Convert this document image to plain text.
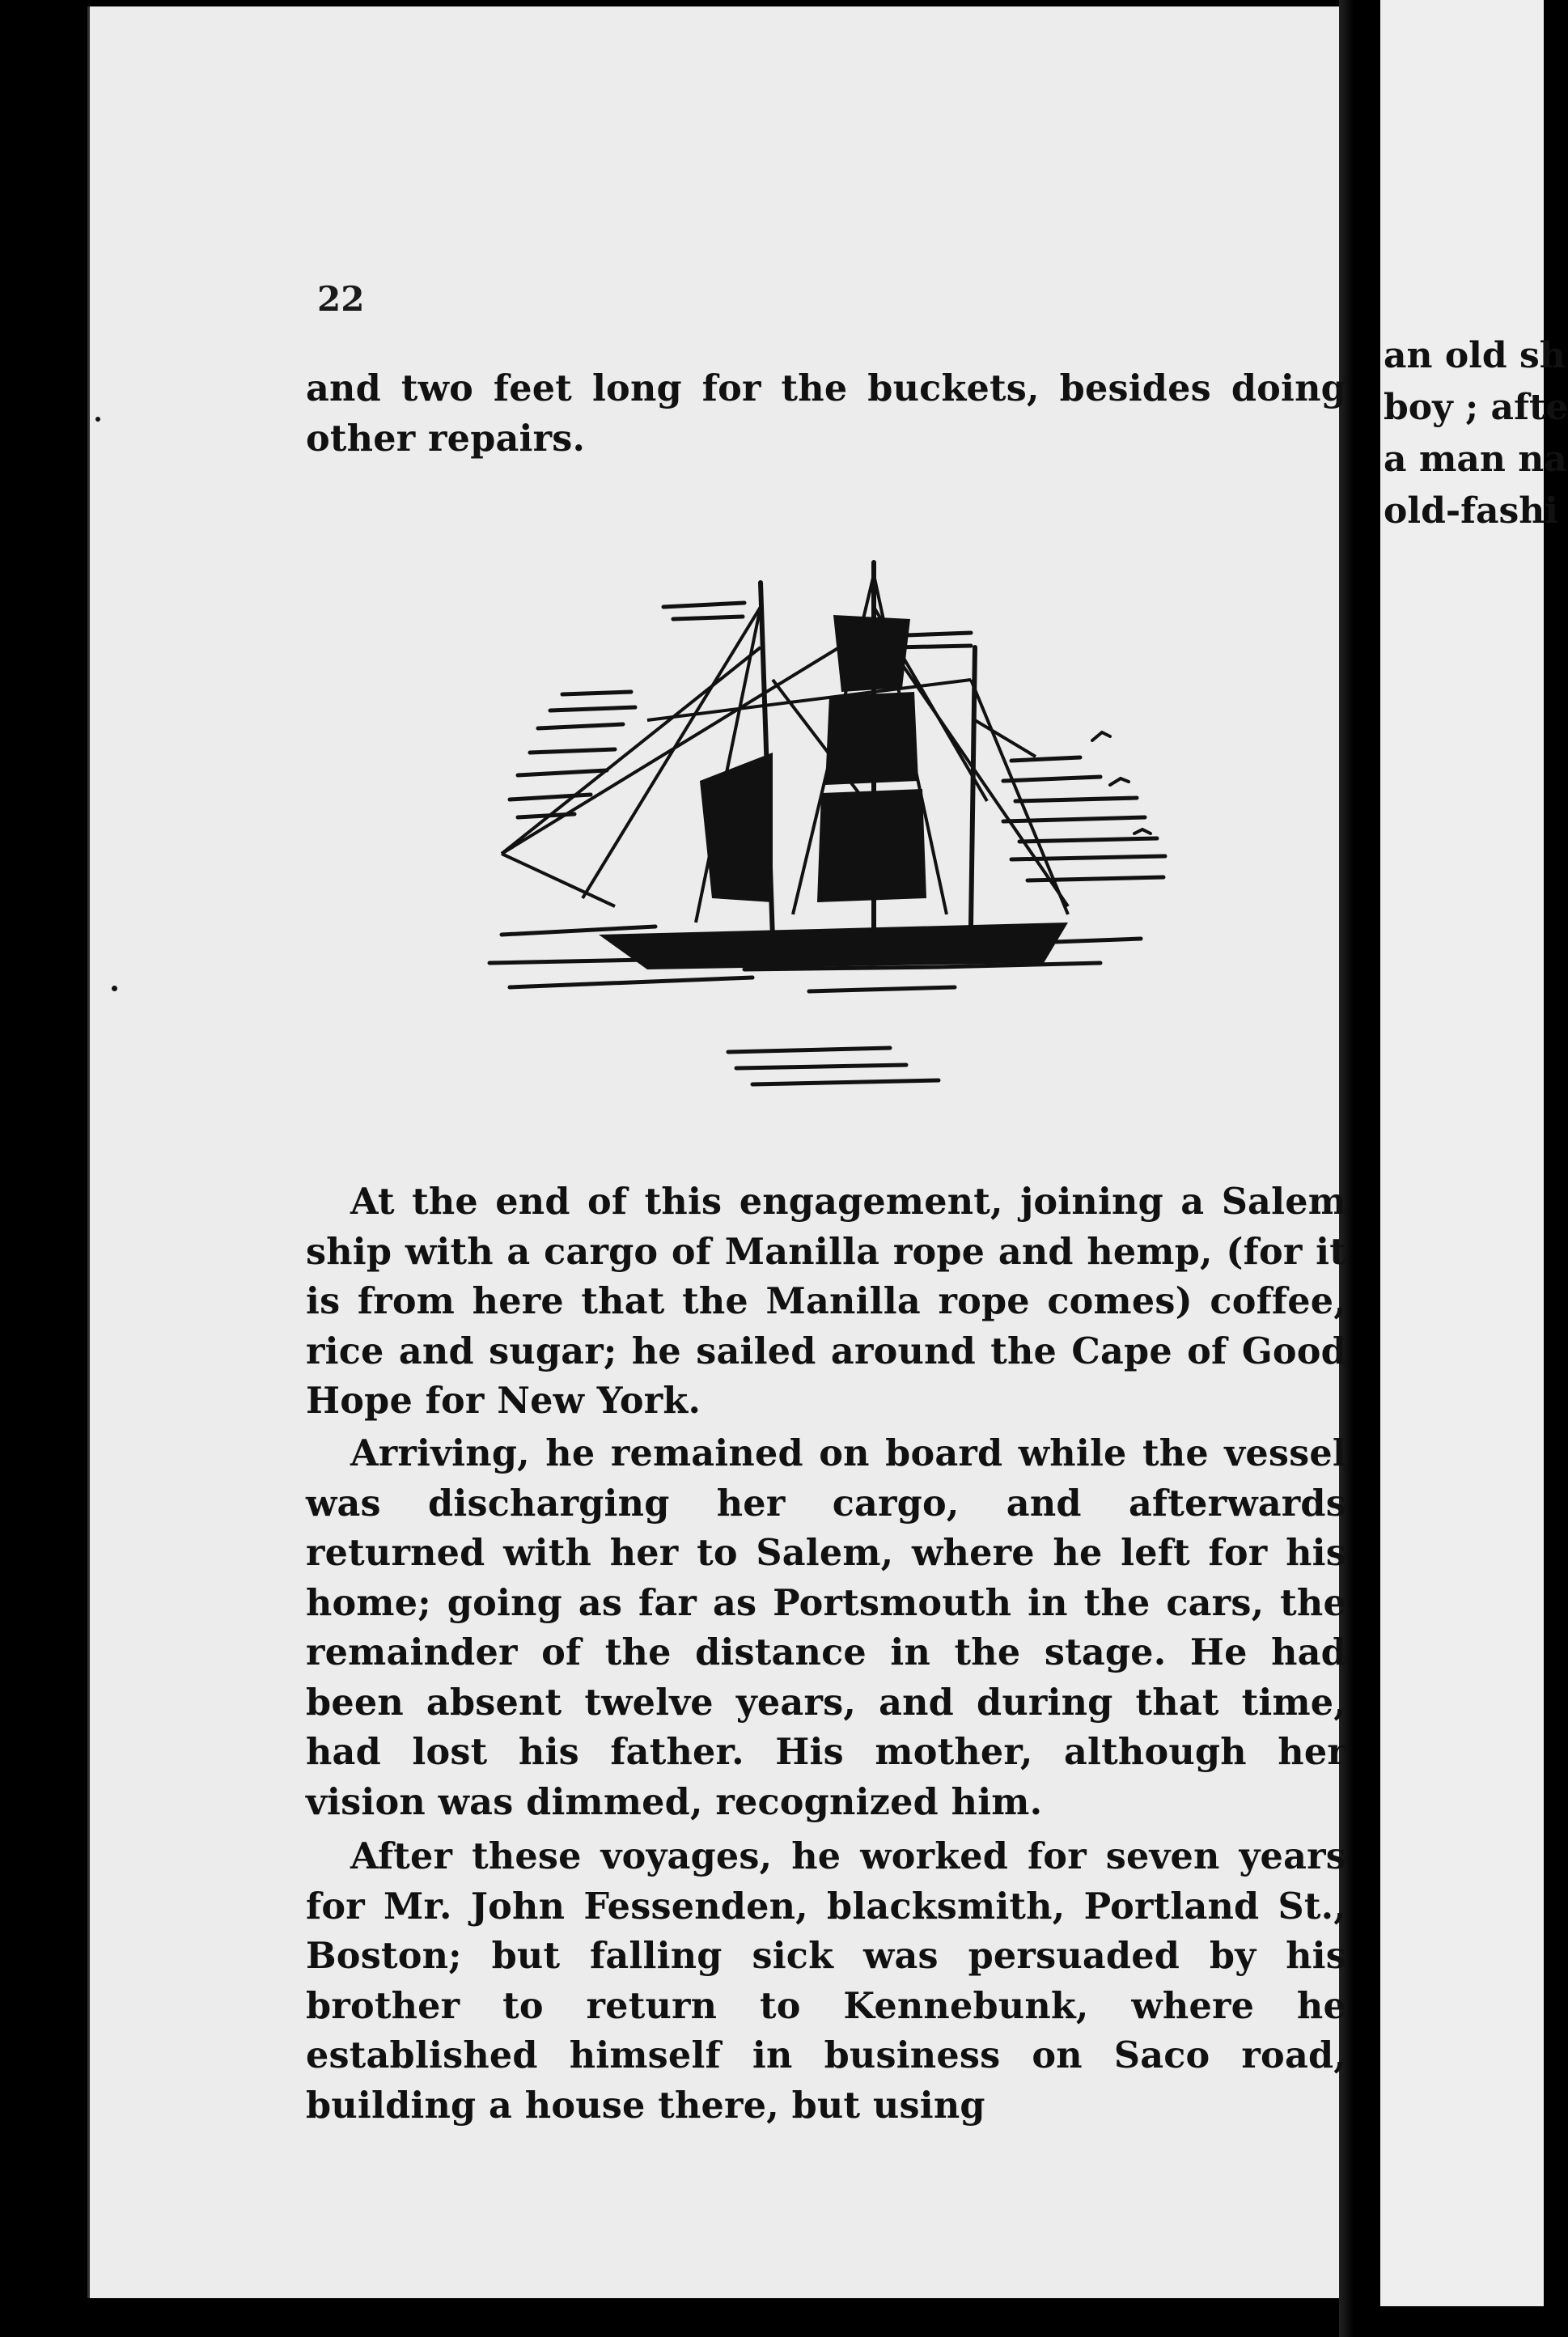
an old sh
boy ; afte
a man na
old-fashi
22
and two feet long for the buckets, besides doing other repairs.
At the end of this engagement, joining a Salem ship with a cargo of Manilla rope and hemp, (for it is from here that the Manilla rope comes) coffee, rice and sugar; he sailed around the Cape of Good Hope for New York.
Arriving, he remained on board while the vessel was discharging her cargo, and afterwards returned with her to Salem, where he left for his home; going as far as Portsmouth in the cars, the remainder of the distance in the stage. He had been absent twelve years, and during that time, had lost his father. His mother, although her vision was dimmed, recognized him.
After these voyages, he worked for seven years for Mr. John Fessenden, blacksmith, Portland St., Boston; but falling sick was persuaded by his brother to return to Kennebunk, where he established himself in business on Saco road, building a house there, but using
